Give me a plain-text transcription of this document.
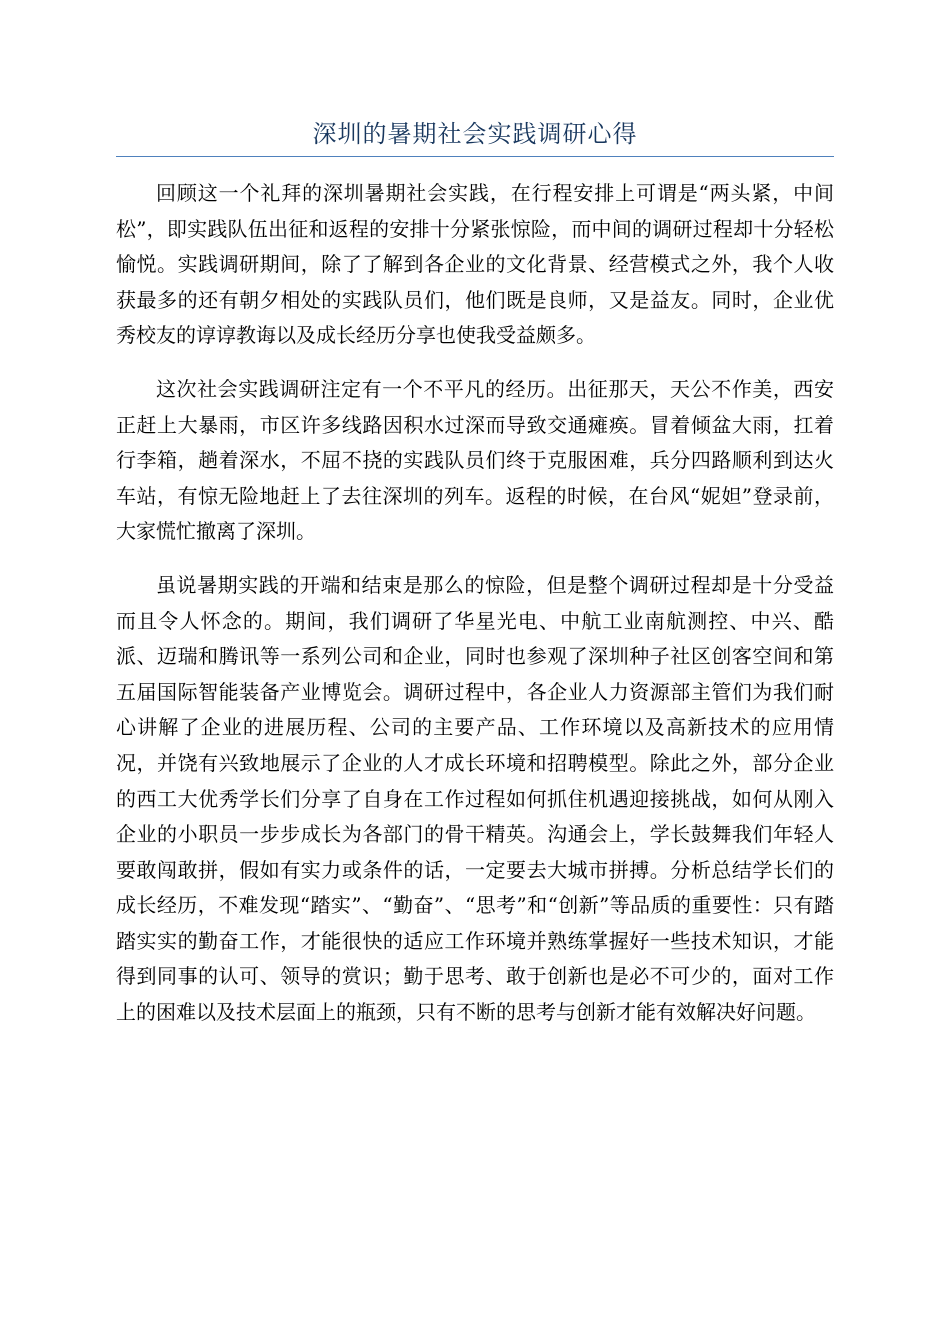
深圳的暑期社会实践调研心得

回顾这一个礼拜的深圳暑期社会实践，在行程安排上可谓是“两头紧，中间松”，即实践队伍出征和返程的安排十分紧张惊险，而中间的调研过程却十分轻松愉悦。实践调研期间，除了了解到各企业的文化背景、经营模式之外，我个人收获最多的还有朝夕相处的实践队员们，他们既是良师，又是益友。同时，企业优秀校友的谆谆教诲以及成长经历分享也使我受益颇多。

这次社会实践调研注定有一个不平凡的经历。出征那天，天公不作美，西安正赶上大暴雨，市区许多线路因积水过深而导致交通瘫痪。冒着倾盆大雨，扛着行李箱，趟着深水，不屈不挠的实践队员们终于克服困难，兵分四路顺利到达火车站，有惊无险地赶上了去往深圳的列车。返程的时候，在台风“妮妲”登录前，大家慌忙撤离了深圳。

虽说暑期实践的开端和结束是那么的惊险，但是整个调研过程却是十分受益而且令人怀念的。期间，我们调研了华星光电、中航工业南航测控、中兴、酷派、迈瑞和腾讯等一系列公司和企业，同时也参观了深圳种子社区创客空间和第五届国际智能装备产业博览会。调研过程中，各企业人力资源部主管们为我们耐心讲解了企业的进展历程、公司的主要产品、工作环境以及高新技术的应用情况，并饶有兴致地展示了企业的人才成长环境和招聘模型。除此之外，部分企业的西工大优秀学长们分享了自身在工作过程如何抓住机遇迎接挑战，如何从刚入企业的小职员一步步成长为各部门的骨干精英。沟通会上，学长鼓舞我们年轻人要敢闯敢拼，假如有实力或条件的话，一定要去大城市拼搏。分析总结学长们的成长经历，不难发现“踏实”、“勤奋”、“思考”和“创新”等品质的重要性：只有踏踏实实的勤奋工作，才能很快的适应工作环境并熟练掌握好一些技术知识，才能得到同事的认可、领导的赏识；勤于思考、敢于创新也是必不可少的，面对工作上的困难以及技术层面上的瓶颈，只有不断的思考与创新才能有效解决好问题。
